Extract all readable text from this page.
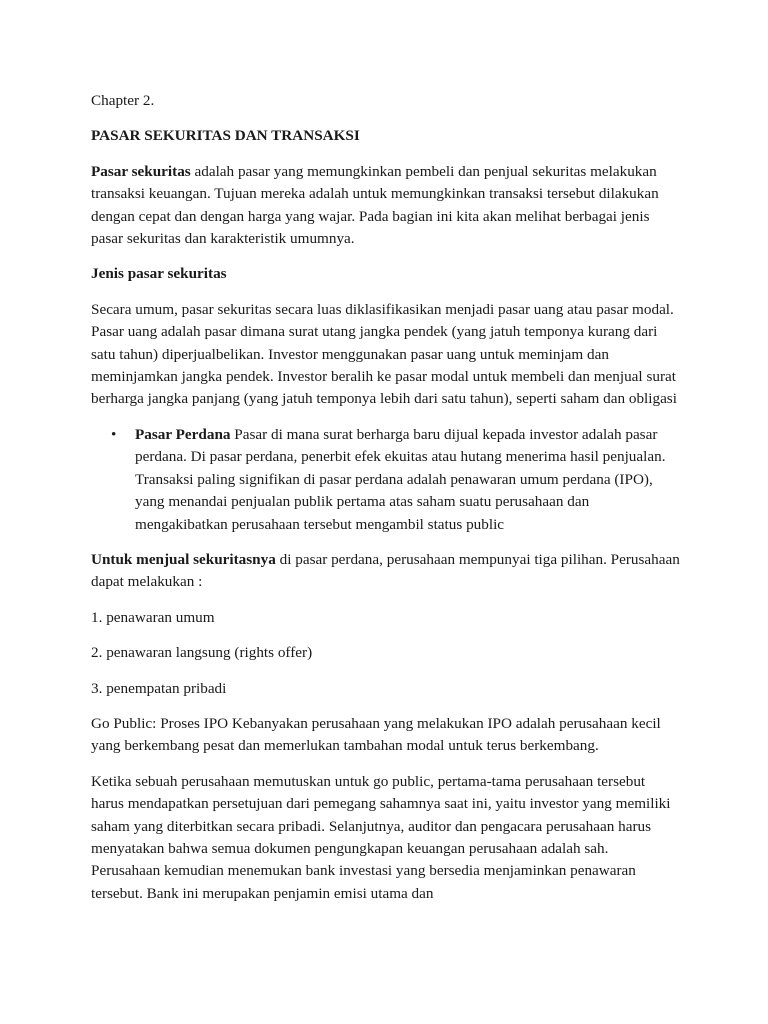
Chapter 2.

PASAR SEKURITAS DAN TRANSAKSI

Pasar sekuritas adalah pasar yang memungkinkan pembeli dan penjual sekuritas melakukan transaksi keuangan. Tujuan mereka adalah untuk memungkinkan transaksi tersebut dilakukan dengan cepat dan dengan harga yang wajar. Pada bagian ini kita akan melihat berbagai jenis pasar sekuritas dan karakteristik umumnya.

Jenis pasar sekuritas

Secara umum, pasar sekuritas secara luas diklasifikasikan menjadi pasar uang atau pasar modal. Pasar uang adalah pasar dimana surat utang jangka pendek (yang jatuh temponya kurang dari satu tahun) diperjualbelikan. Investor menggunakan pasar uang untuk meminjam dan meminjamkan jangka pendek. Investor beralih ke pasar modal untuk membeli dan menjual surat berharga jangka panjang (yang jatuh temponya lebih dari satu tahun), seperti saham dan obligasi

• Pasar Perdana Pasar di mana surat berharga baru dijual kepada investor adalah pasar perdana. Di pasar perdana, penerbit efek ekuitas atau hutang menerima hasil penjualan. Transaksi paling signifikan di pasar perdana adalah penawaran umum perdana (IPO), yang menandai penjualan publik pertama atas saham suatu perusahaan dan mengakibatkan perusahaan tersebut mengambil status public

Untuk menjual sekuritasnya di pasar perdana, perusahaan mempunyai tiga pilihan. Perusahaan dapat melakukan :

1. penawaran umum

2. penawaran langsung (rights offer)

3. penempatan pribadi

Go Public: Proses IPO Kebanyakan perusahaan yang melakukan IPO adalah perusahaan kecil yang berkembang pesat dan memerlukan tambahan modal untuk terus berkembang.

Ketika sebuah perusahaan memutuskan untuk go public, pertama-tama perusahaan tersebut harus mendapatkan persetujuan dari pemegang sahamnya saat ini, yaitu investor yang memiliki saham yang diterbitkan secara pribadi. Selanjutnya, auditor dan pengacara perusahaan harus menyatakan bahwa semua dokumen pengungkapan keuangan perusahaan adalah sah. Perusahaan kemudian menemukan bank investasi yang bersedia menjaminkan penawaran tersebut. Bank ini merupakan penjamin emisi utama dan
